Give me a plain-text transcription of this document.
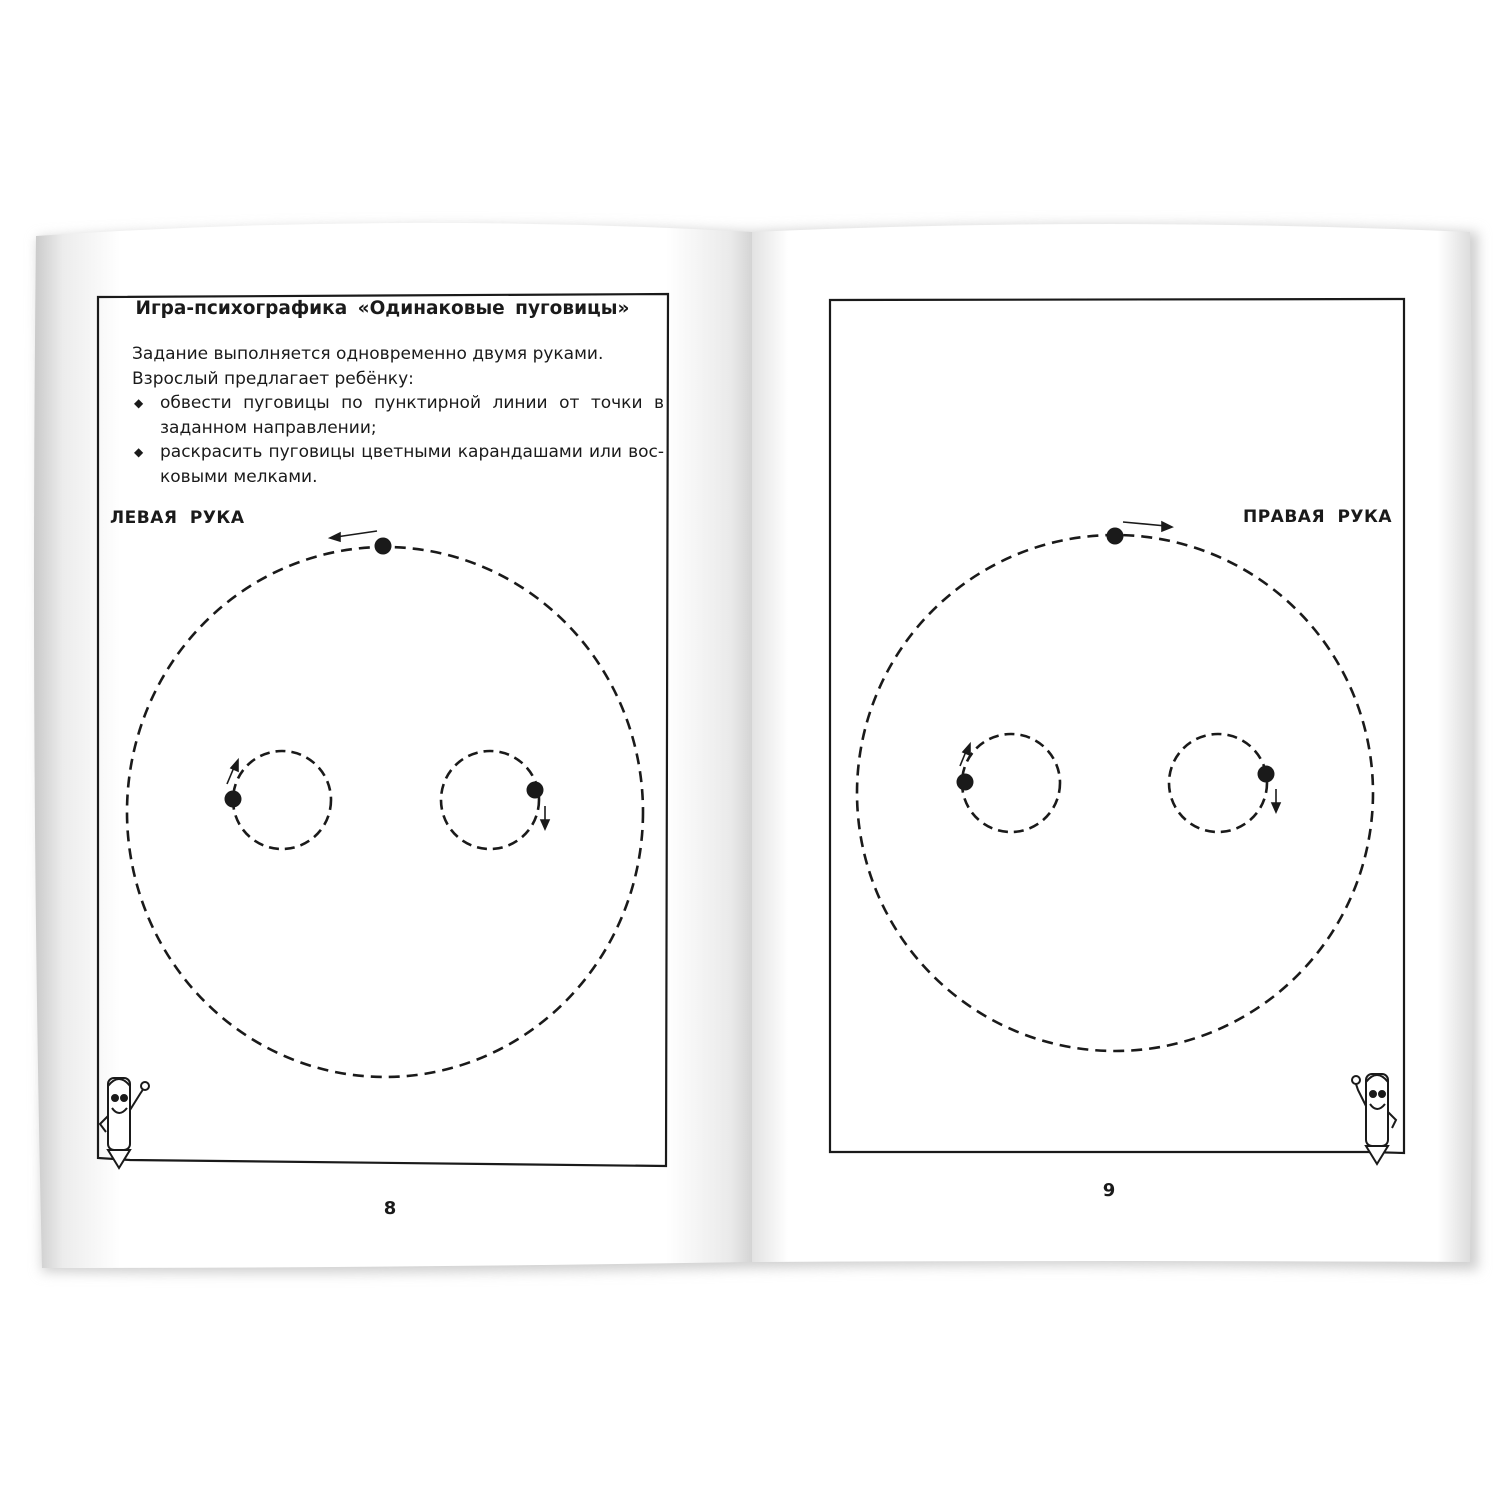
Игра-психографика «Одинаковые пуговицы»

Задание выполняется одновременно двумя руками.

Взрослый предлагает ребёнку:

◆ обвести пуговицы по пунктирной линии от точки в заданном направлении;
◆ раскрасить пуговицы цветными карандашами или вос-ковыми мелками.
ЛЕВАЯ РУКА
8
ПРАВАЯ РУКА
9
